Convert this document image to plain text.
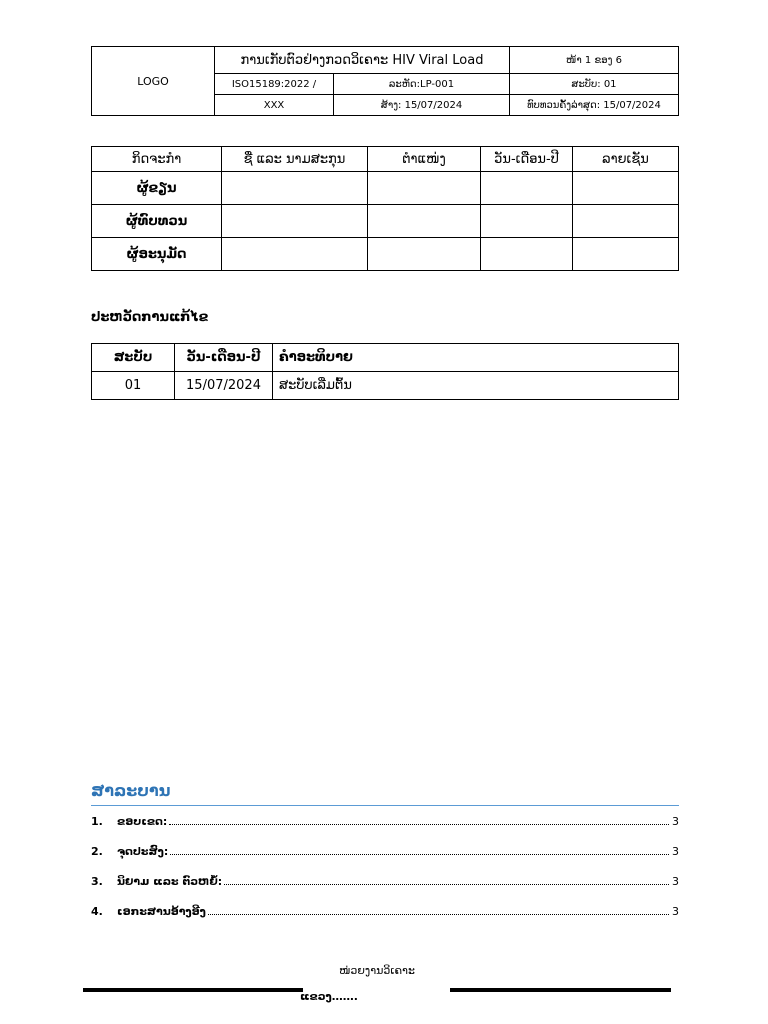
LOGO	ການເກັບຕົວຢ່າງກວດວິເຄາະ HIV Viral Load		ໜ້າ 1 ຂອງ 6
	ISO15189:2022 /	ລະຫັດ:LP-001	ສະບັບ: 01
	XXX	ສ້າງ: 15/07/2024	ທົບທວນຄັ້ງລ່າສຸດ: 15/07/2024
ກິດຈະກຳ	ຊື່ ແລະ ນາມສະກຸນ	ຕຳແໜ່ງ	ວັນ-ເດືອນ-ປີ	ລາຍເຊັນ
ຜູ້ຂຽນ				
ຜູ້ທົບທວນ				
ຜູ້ອະນຸມັດ				
ປະຫວັດການແກ້ໄຂ
ສະບັບ	ວັນ-ເດືອນ-ປີ	ຄຳອະທິບາຍ
01	15/07/2024	ສະບັບເລີ່ມຕົ້ນ
ສາລະບານ
1.	ຂອບເຂດ:	3
2.	ຈຸດປະສົງ:	3
3.	ນິຍາມ ແລະ ຕົວຫຍໍ້:	3
4.	ເອກະສານອ້າງອີງ	3
ໜ່ວຍງານວິເຄາະ
ແຂວງ…….
